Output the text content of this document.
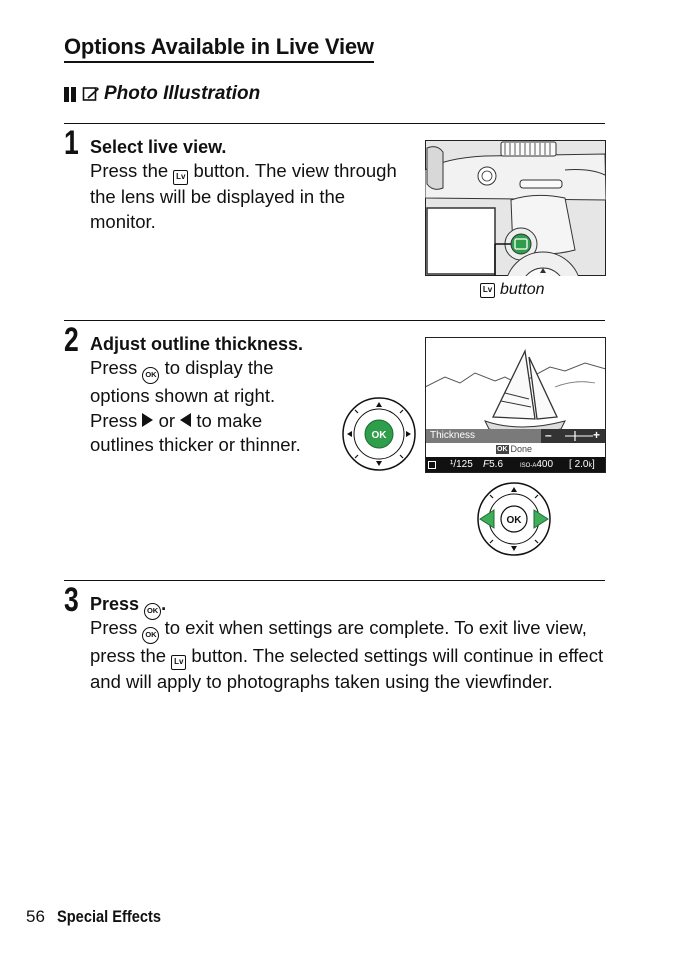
Options Available in Live View
Photo Illustration
1 Select live view.
Press the Lv button. The view through the lens will be displayed in the monitor.
Lv button
2 Adjust outline thickness.
Press OK to display the options shown at right. Press or to make outlines thicker or thinner.	OK	Thickness	–	+
OK Done
¹/125 F5.6	ISO-A400 [ 2.0k]
OK
3 Press OK .
Press OK to exit when settings are complete. To exit live view, press the Lv button. The selected settings will continue in effect and will apply to photographs taken using the viewfinder.
56 Special Effects
